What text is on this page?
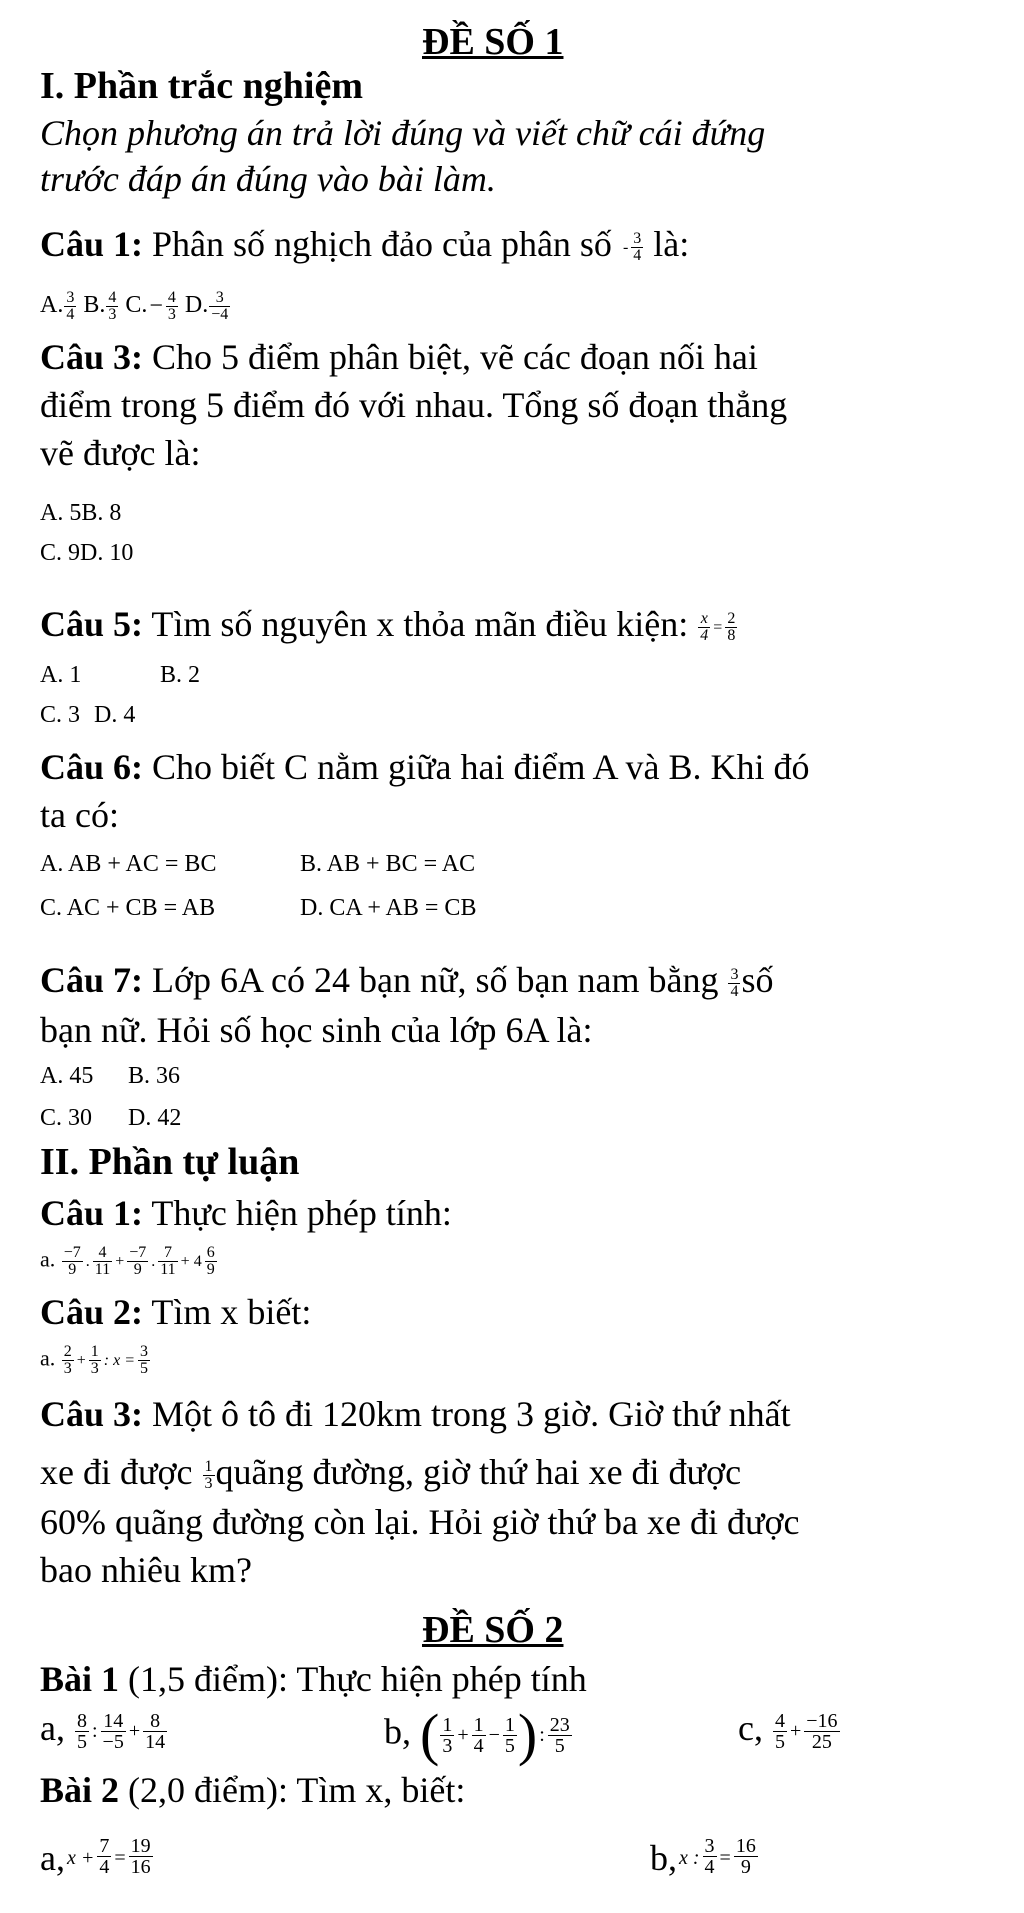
ĐỀ SỐ 1
I. Phần trắc nghiệm
Chọn phương án trả lời đúng và viết chữ cái đứng
trước đáp án đúng vào bài làm.
Câu 1: Phân số nghịch đảo của phân số - $\frac{3}{4}$ là:
A. $\frac{3}{4} B$. $\frac{4}{3} C.- \frac{4}{3} D$. $\frac{3}{-4}$
Câu 3: Cho 5 điểm phân biệt, vẽ các đoạn nối hai
điểm trong 5 điểm đó với nhau. Tổng số đoạn thẳng
vẽ được là:
A. 5B. 8
C. 9D. 10
Câu 5: Tìm số nguyên x thỏa mãn điều kiện: $\frac{x}{4} = \frac{2}{8}$
A. 1	B. 2
C. 3 D. 4
Câu 6: Cho biết C nằm giữa hai điểm A và B. Khi đó
ta có:
A. AB + AC = BC	B. AB + BC = AC
C. AC + CB = AB	D. CA + AB = CB
Câu 7: Lớp 6A có 24 bạn nữ, số bạn nam bằng $\frac{3}{4}$ số
bạn nữ. Hỏi số học sinh của lớp 6A là:
A. 45 B. 36
C. 30 D. 42
II. Phần tự luận
Câu 1: Thực hiện phép tính:
a. $\frac{-7}{9}$ . $\frac{4}{11} + \frac{-7}{9}$ . $\frac{7}{11} + 4 \frac{6}{9}$
Câu 2: Tìm x biết:
a. $\frac{2}{3} + \frac{1}{3}$ : $x = \frac{3}{5}$
Câu 3: Một ô tô đi 120km trong 3 giờ. Giờ thứ nhất
xe đi được $\frac{1}{3}$ quãng đường, giờ thứ hai xe đi được
60% quãng đường còn lại. Hỏi giờ thứ ba xe đi được
bao nhiêu km?
ĐỀ SỐ 2
Bài 1 (1,5 điểm): Thực hiện phép tính
a, $\frac{8}{5}$ : $\frac{14}{-5} + \frac{8}{14}$	b, ( $\frac{1}{3} + \frac{1}{4} - \frac{1}{5}$ ) : $\frac{23}{5}$	c, $\frac{4}{5} + \frac{-16}{25}$
Bài 2 (2,0 điểm): Tìm x, biết:
a, $x + \frac{7}{4} = \frac{19}{16}$	b, x : $\frac{3}{4} = \frac{16}{9}$
